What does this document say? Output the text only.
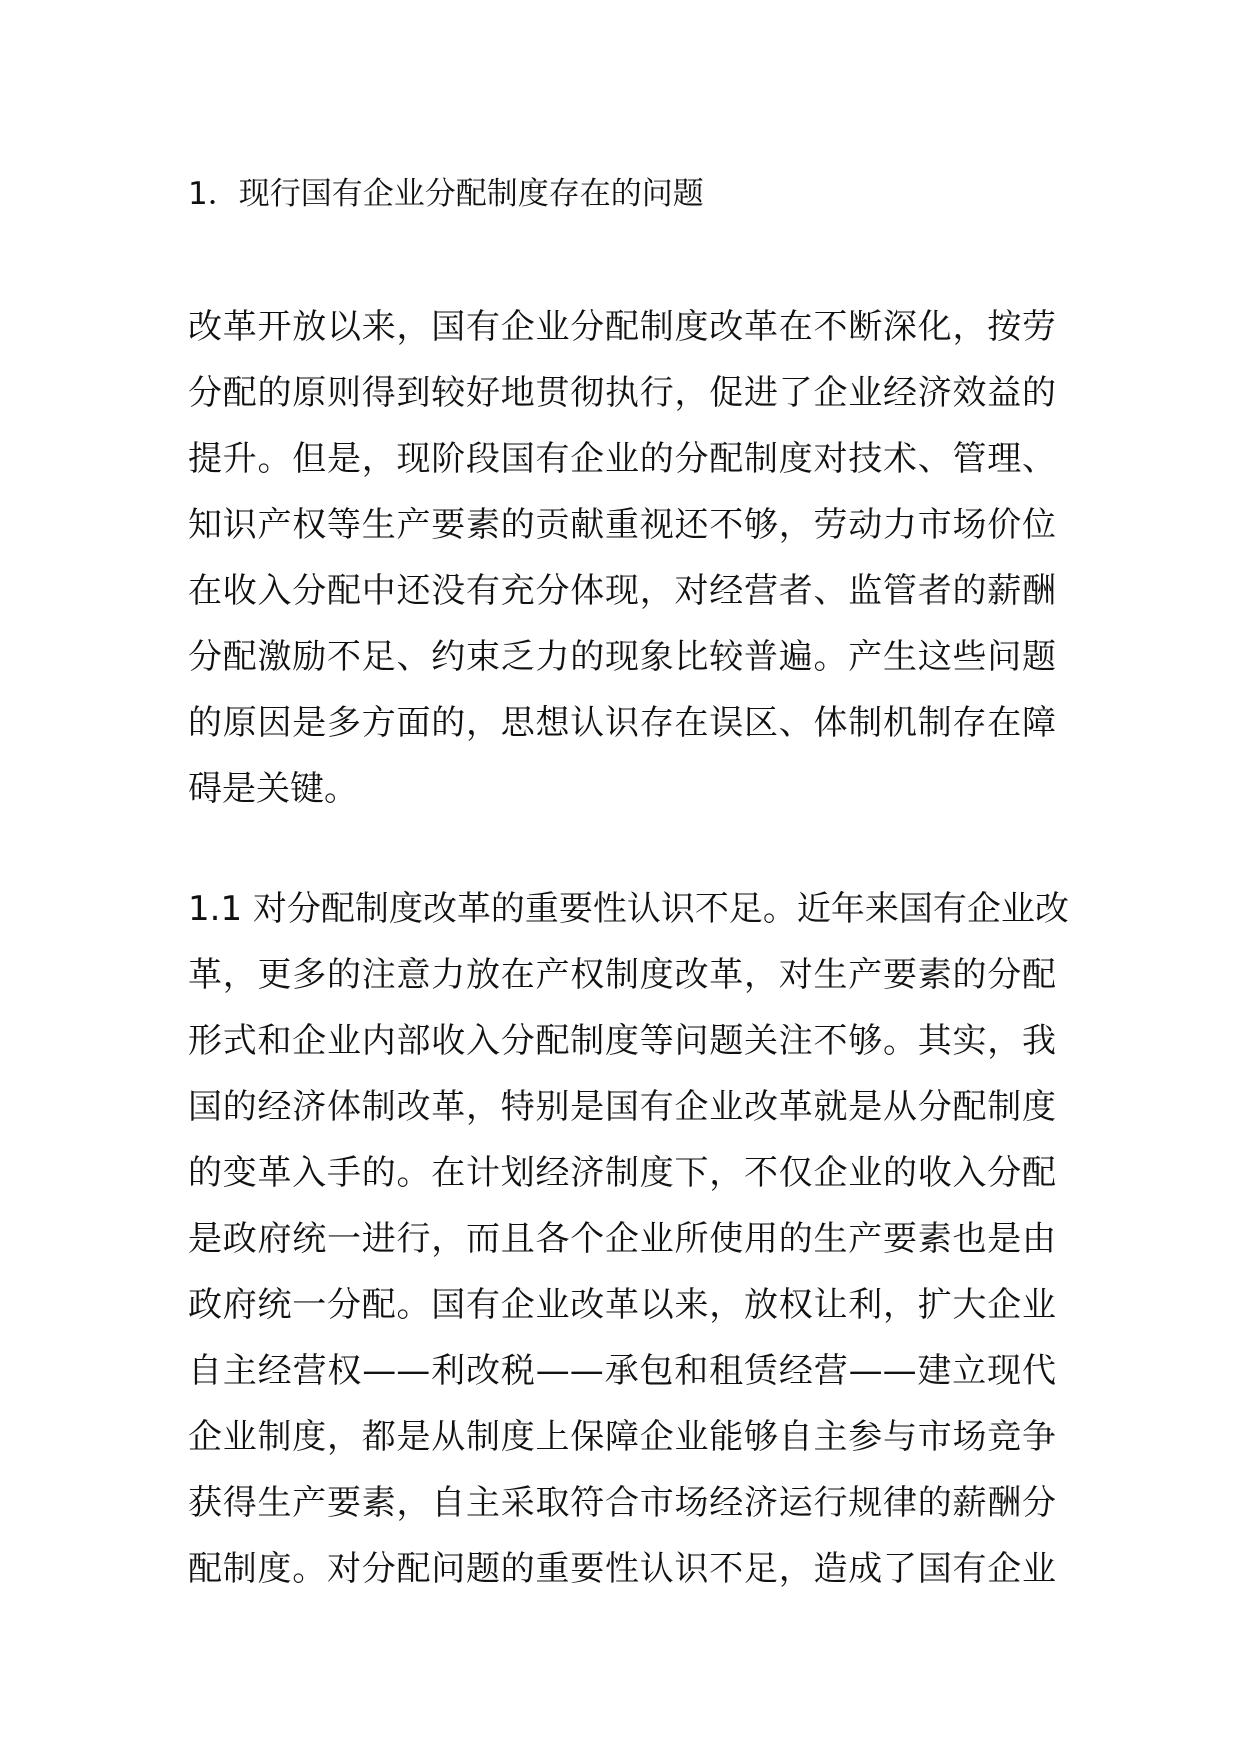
1．现行国有企业分配制度存在的问题

改革开放以来，国有企业分配制度改革在不断深化，按劳
分配的原则得到较好地贯彻执行，促进了企业经济效益的
提升。但是，现阶段国有企业的分配制度对技术、管理、
知识产权等生产要素的贡献重视还不够，劳动力市场价位
在收入分配中还没有充分体现，对经营者、监管者的薪酬
分配激励不足、约束乏力的现象比较普遍。产生这些问题
的原因是多方面的，思想认识存在误区、体制机制存在障
碍是关键。

1.1 对分配制度改革的重要性认识不足。近年来国有企业改
革，更多的注意力放在产权制度改革，对生产要素的分配
形式和企业内部收入分配制度等问题关注不够。其实，我
国的经济体制改革，特别是国有企业改革就是从分配制度
的变革入手的。在计划经济制度下，不仅企业的收入分配
是政府统一进行，而且各个企业所使用的生产要素也是由
政府统一分配。国有企业改革以来，放权让利，扩大企业
自主经营权——利改税——承包和租赁经营——建立现代
企业制度，都是从制度上保障企业能够自主参与市场竞争
获得生产要素，自主采取符合市场经济运行规律的薪酬分
配制度。对分配问题的重要性认识不足，造成了国有企业
